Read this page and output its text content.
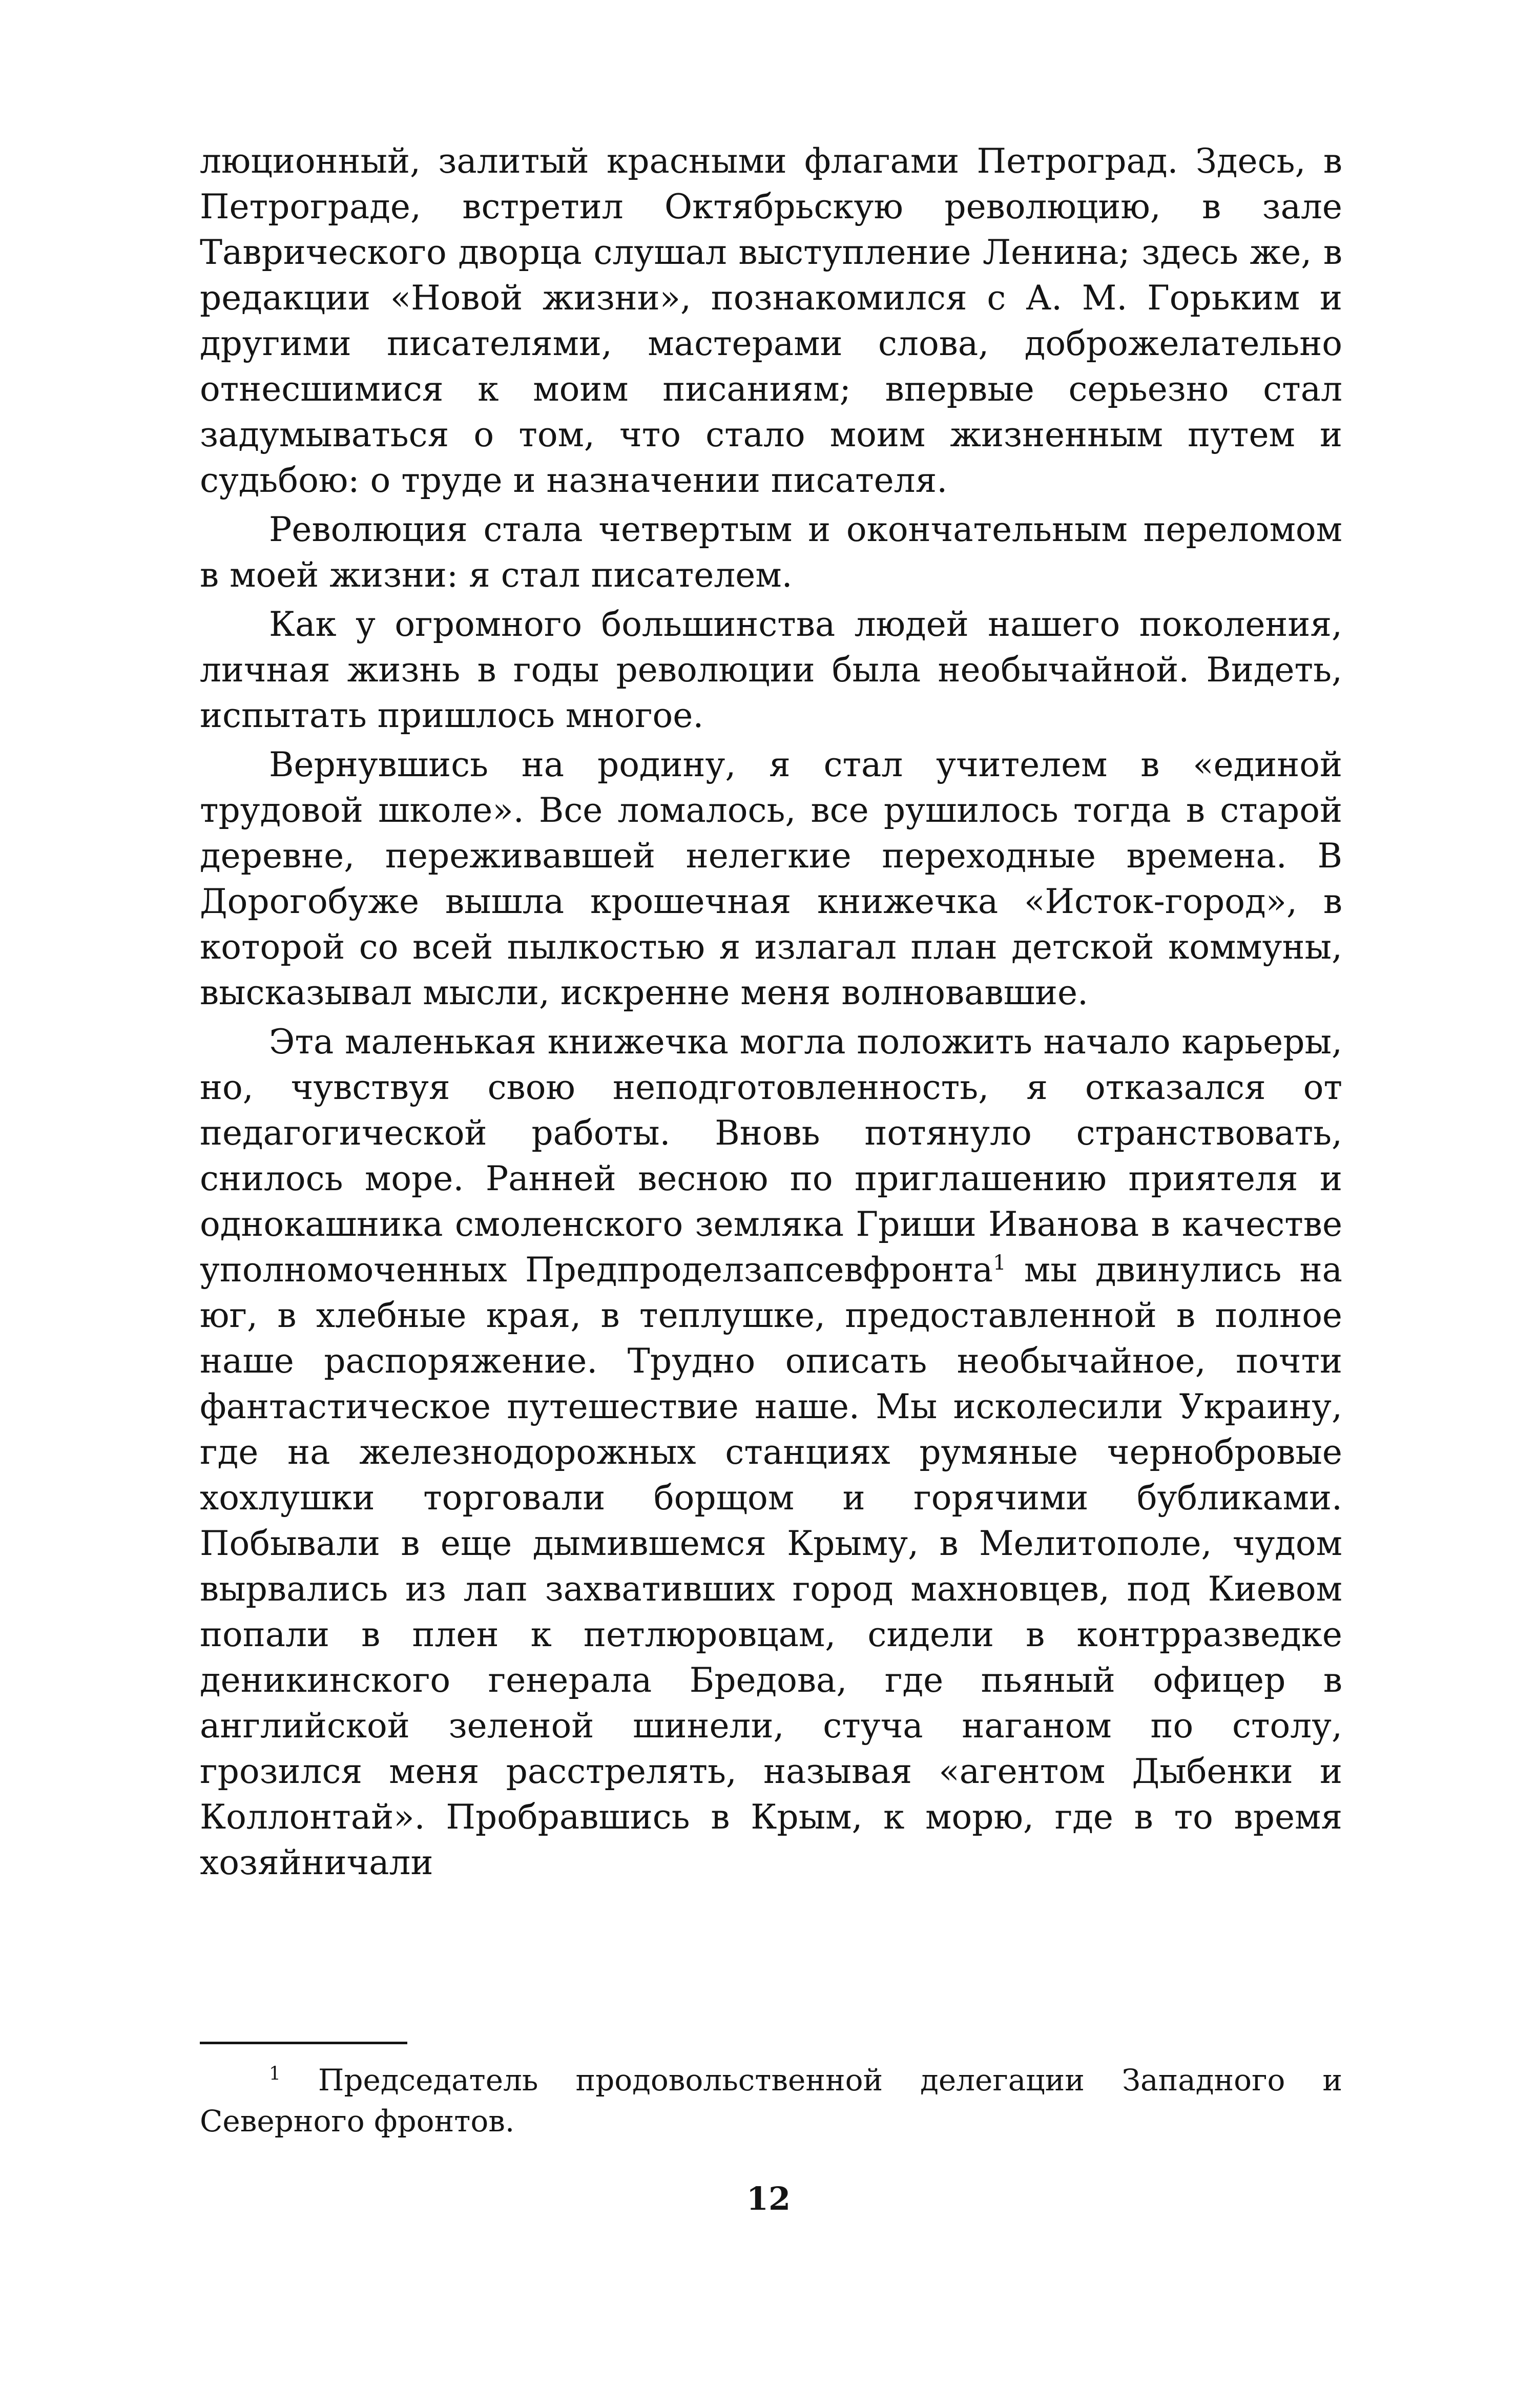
люционный, залитый красными флагами Петроград. Здесь, в Петрограде, встретил Октябрьскую революцию, в зале Таврического дворца слушал выступление Ленина; здесь же, в редакции «Новой жизни», познакомился с А. М. Горьким и другими писателями, мастерами слова, доброжелательно отнесшимися к моим писаниям; впервые серьезно стал задумываться о том, что стало моим жизненным путем и судьбою: о труде и назначении писателя.

Революция стала четвертым и окончательным переломом в моей жизни: я стал писателем.

Как у огромного большинства людей нашего поколения, личная жизнь в годы революции была необычайной. Видеть, испытать пришлось многое.

Вернувшись на родину, я стал учителем в «единой трудовой школе». Все ломалось, все рушилось тогда в старой деревне, переживавшей нелегкие переходные времена. В Дорогобуже вышла крошечная книжечка «Исток-город», в которой со всей пылкостью я излагал план детской коммуны, высказывал мысли, искренне меня волновавшие.

Эта маленькая книжечка могла положить начало карьеры, но, чувствуя свою неподготовленность, я отказался от педагогической работы. Вновь потянуло странствовать, снилось море. Ранней весною по приглашению приятеля и однокашника смоленского земляка Гриши Иванова в качестве уполномоченных Предпроделзапсевфронта$^1$ мы двинулись на юг, в хлебные края, в теплушке, предоставленной в полное наше распоряжение. Трудно описать необычайное, почти фантастическое путешествие наше. Мы исколесили Украину, где на железнодорожных станциях румяные чернобровые хохлушки торговали борщом и горячими бубликами. Побывали в еще дымившемся Крыму, в Мелитополе, чудом вырвались из лап захвативших город махновцев, под Киевом попали в плен к петлюровцам, сидели в контрразведке деникинского генерала Бредова, где пьяный офицер в английской зеленой шинели, стуча наганом по столу, грозился меня расстрелять, называя «агентом Дыбенки и Коллонтай». Пробравшись в Крым, к морю, где в то время хозяйничали

$^1$ Председатель продовольственной делегации Западного и Северного фронтов.

12
